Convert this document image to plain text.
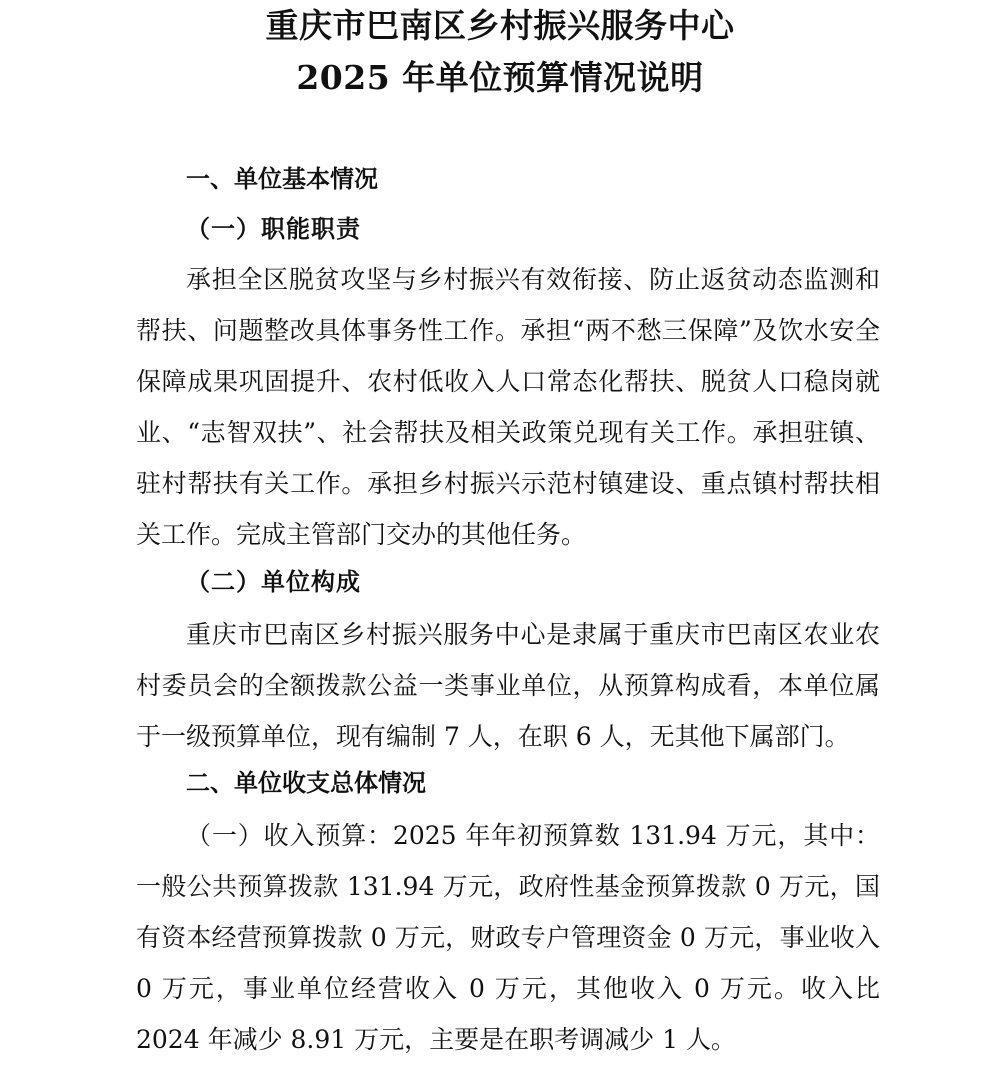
重庆市巴南区乡村振兴服务中心
2025 年单位预算情况说明
一、单位基本情况
（一）职能职责

承担全区脱贫攻坚与乡村振兴有效衔接、防止返贫动态监测和帮扶、问题整改具体事务性工作。承担“两不愁三保障”及饮水安全保障成果巩固提升、农村低收入人口常态化帮扶、脱贫人口稳岗就业、“志智双扶”、社会帮扶及相关政策兑现有关工作。承担驻镇、驻村帮扶有关工作。承担乡村振兴示范村镇建设、重点镇村帮扶相关工作。完成主管部门交办的其他任务。

（二）单位构成

重庆市巴南区乡村振兴服务中心是隶属于重庆市巴南区农业农村委员会的全额拨款公益一类事业单位，从预算构成看，本单位属于一级预算单位，现有编制 7 人，在职 6 人，无其他下属部门。

二、单位收支总体情况

（一）收入预算：2025 年年初预算数 131.94 万元，其中：一般公共预算拨款 131.94 万元，政府性基金预算拨款 0 万元，国有资本经营预算拨款 0 万元，财政专户管理资金 0 万元，事业收入 0 万元，事业单位经营收入 0 万元，其他收入 0 万元。收入比 2024 年减少 8.91 万元，主要是在职考调减少 1 人。
